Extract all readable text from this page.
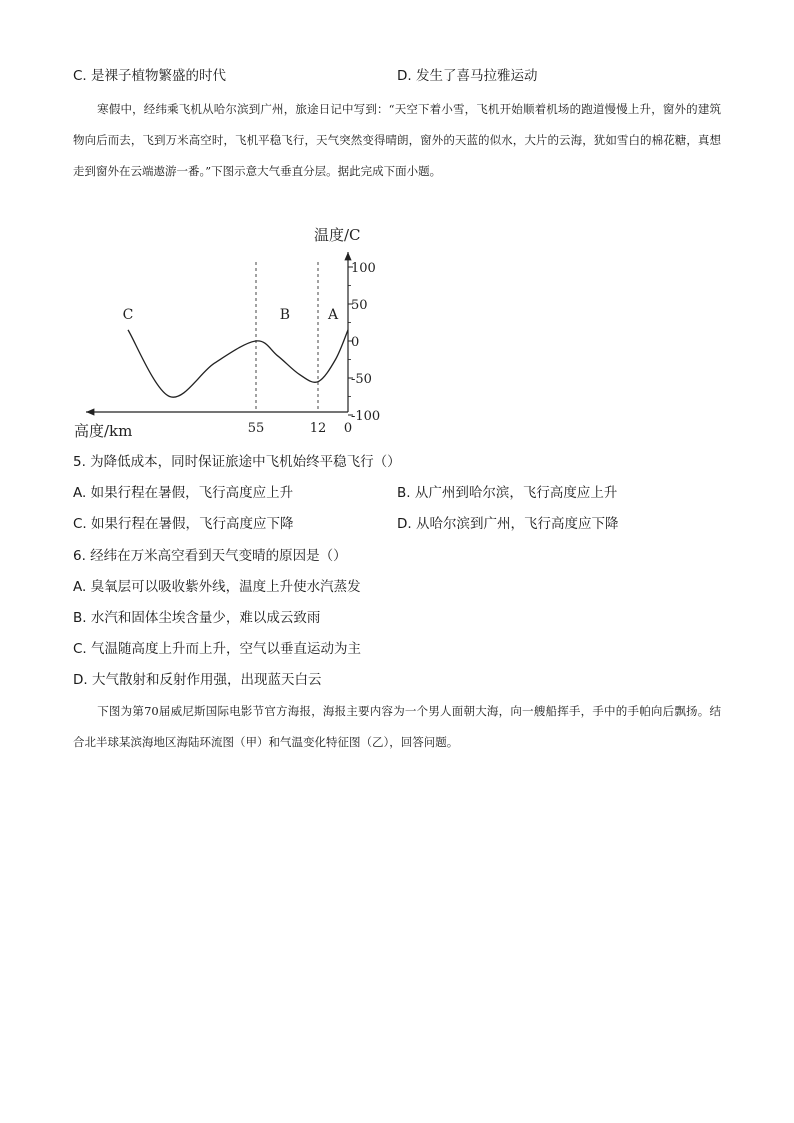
C. 是裸子植物繁盛的时代	D. 发生了喜马拉雅运动
寒假中，经纬乘飞机从哈尔滨到广州，旅途日记中写到：“天空下着小雪，飞机开始顺着机场的跑道慢慢上升，窗外的建筑物向后而去，飞到万米高空时，飞机平稳飞行，天气突然变得晴朗，窗外的天蓝的似水，大片的云海，犹如雪白的棉花糖，真想走到窗外在云端遨游一番。”下图示意大气垂直分层。据此完成下面小题。
温度/C
高度/km
100
50
0
-50
-100
55	12 0
C	B	A
5. 为降低成本，同时保证旅途中飞机始终平稳飞行（）
A. 如果行程在暑假，飞行高度应上升	B. 从广州到哈尔滨，飞行高度应上升
C. 如果行程在暑假，飞行高度应下降	D. 从哈尔滨到广州，飞行高度应下降
6. 经纬在万米高空看到天气变晴的原因是（）
A. 臭氧层可以吸收紫外线，温度上升使水汽蒸发
B. 水汽和固体尘埃含量少，难以成云致雨
C. 气温随高度上升而上升，空气以垂直运动为主
D. 大气散射和反射作用强，出现蓝天白云
下图为第70届威尼斯国际电影节官方海报，海报主要内容为一个男人面朝大海，向一艘船挥手，手中的手帕向后飘扬。结合北半球某滨海地区海陆环流图（甲）和气温变化特征图（乙），回答问题。
